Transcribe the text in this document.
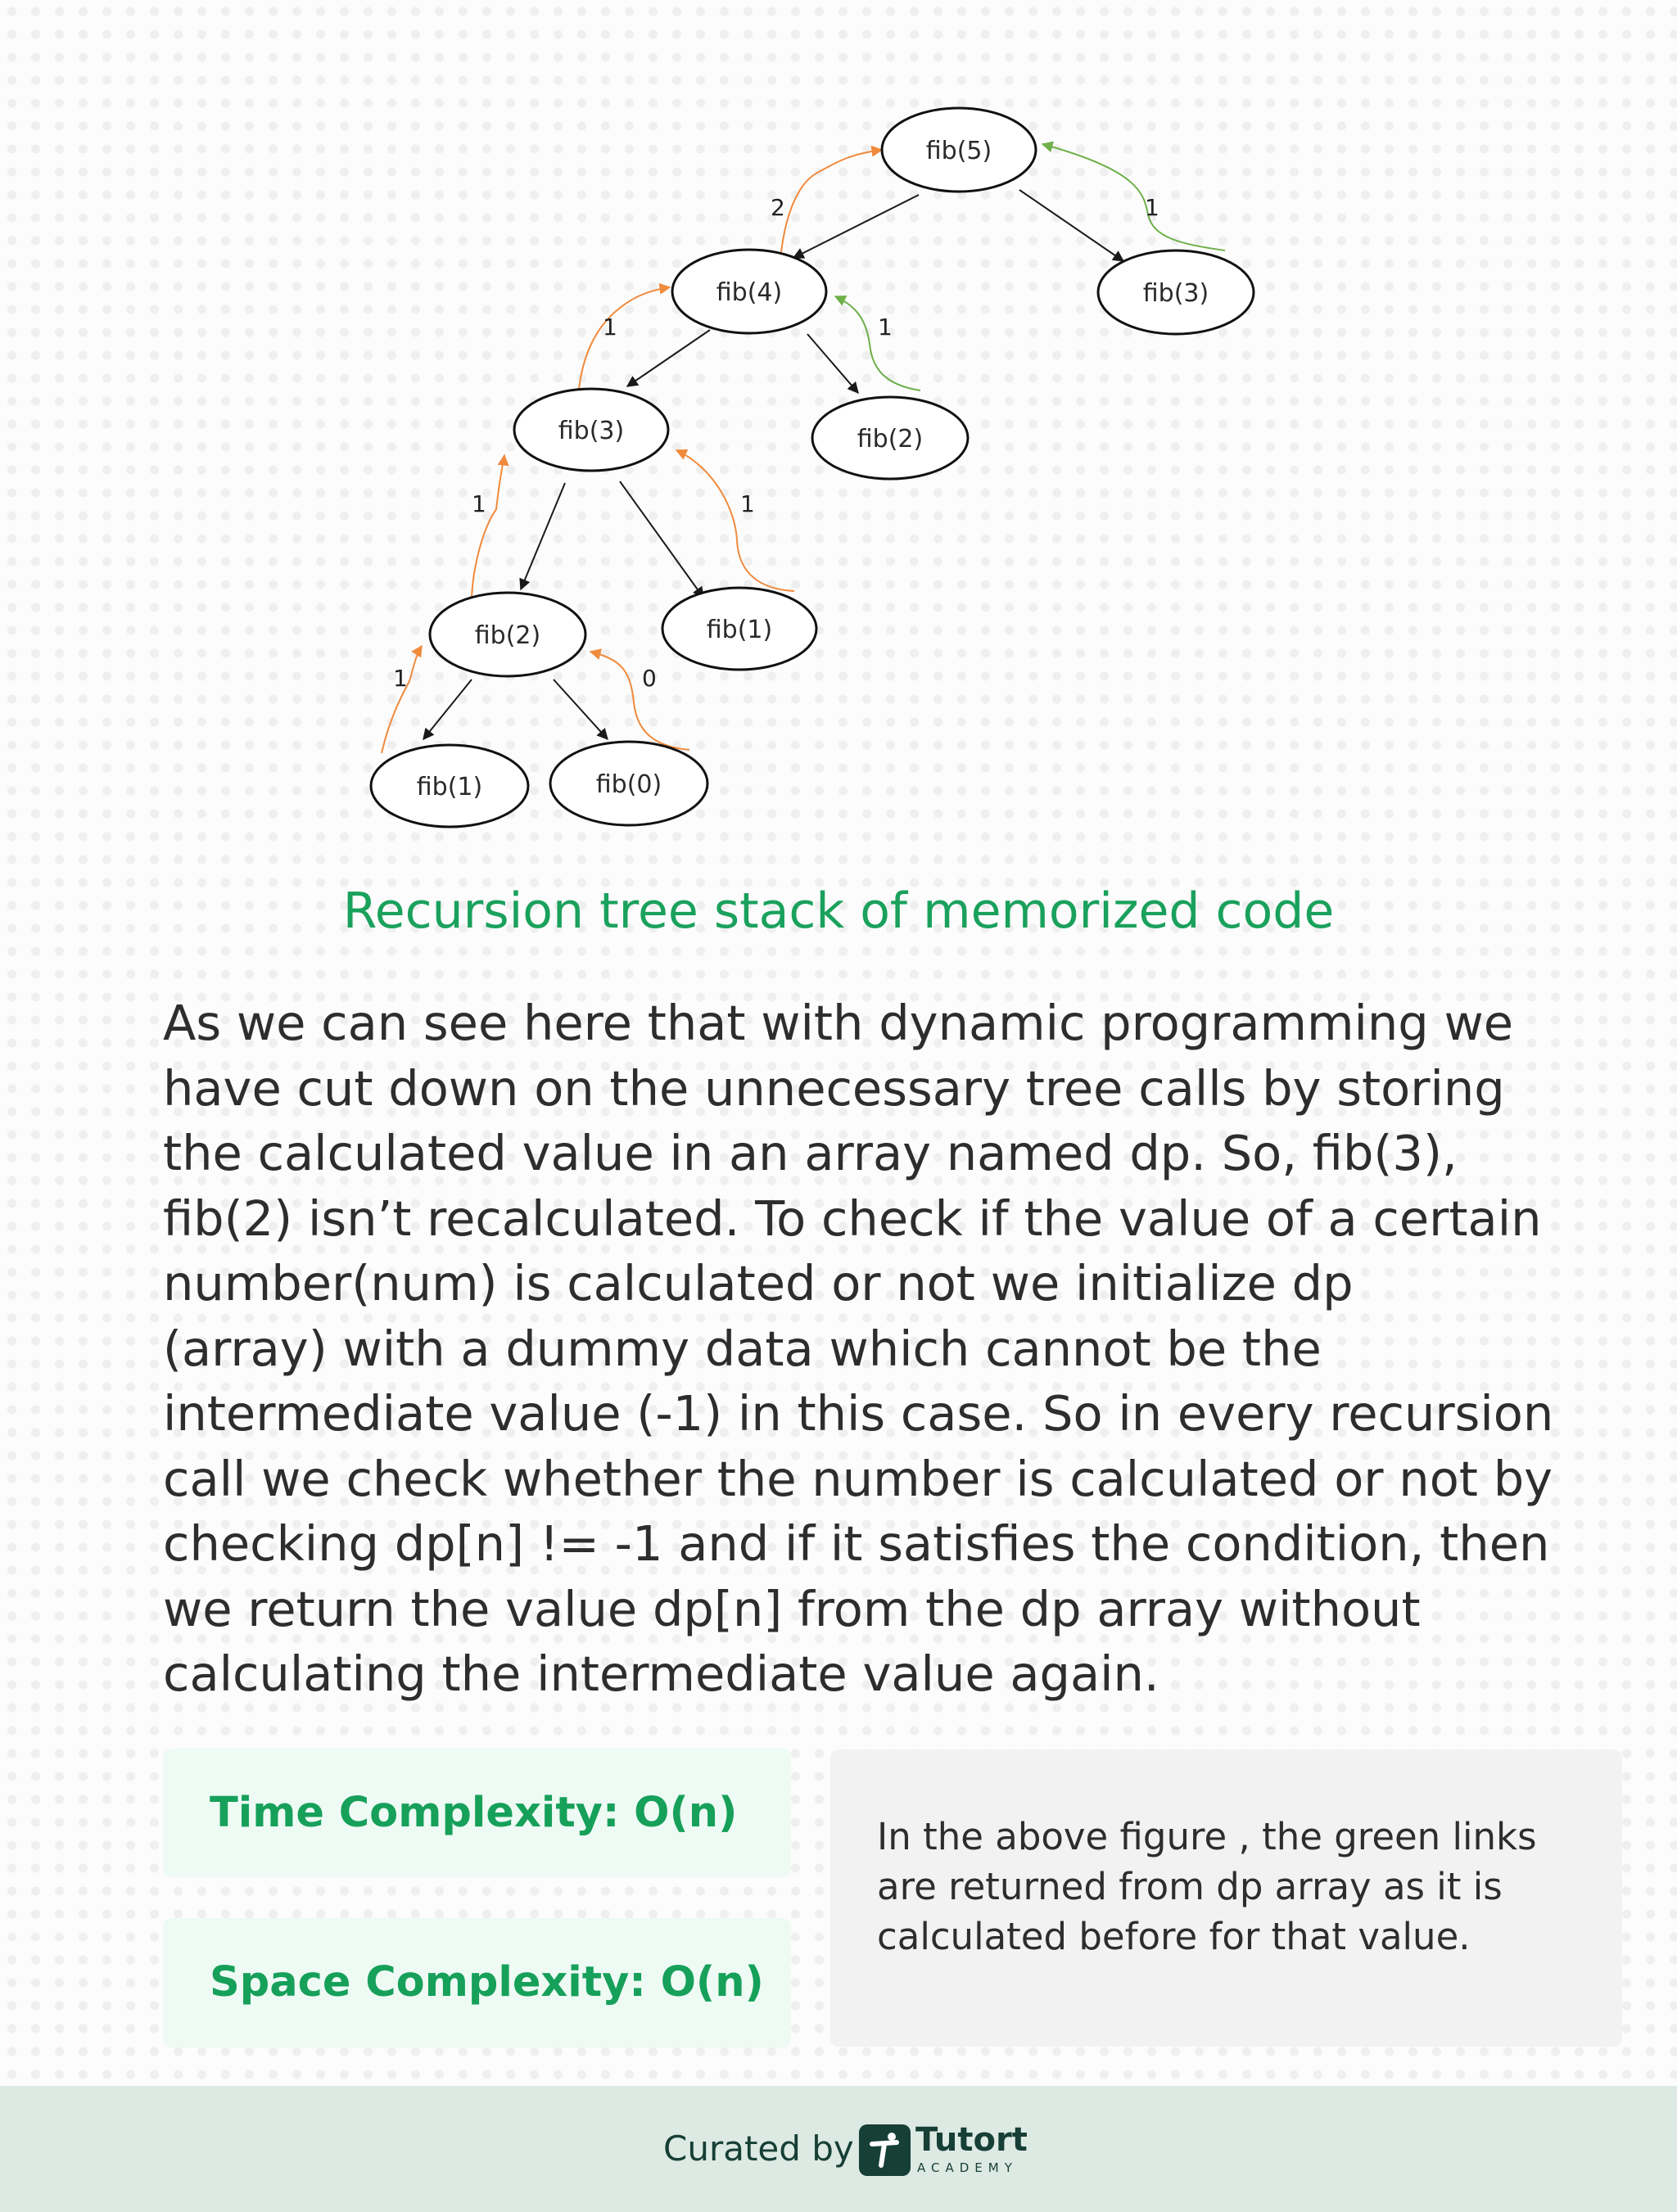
2	1
1	1
1	1
1	0
fib(5)
fib(4)	fib(3)
fib(3)	fib(2)
fib(2)	fib(1)
fib(1)	fib(0)
Recursion tree stack of memorized code
As we can see here that with dynamic programming we
have cut down on the unnecessary tree calls by storing
the calculated value in an array named dp. So, fib(3),
fib(2) isn’t recalculated. To check if the value of a certain
number(num) is calculated or not we initialize dp
(array) with a dummy data which cannot be the
intermediate value (-1) in this case. So in every recursion
call we check whether the number is calculated or not by
checking dp[n] != -1 and if it satisfies the condition, then
we return the value dp[n] from the dp array without
calculating the intermediate value again.
Time Complexity: O(n)
Space Complexity: O(n)
In the above figure , the green links
are returned from dp array as it is
calculated before for that value.
Curated by Tutort
ACADEMY
